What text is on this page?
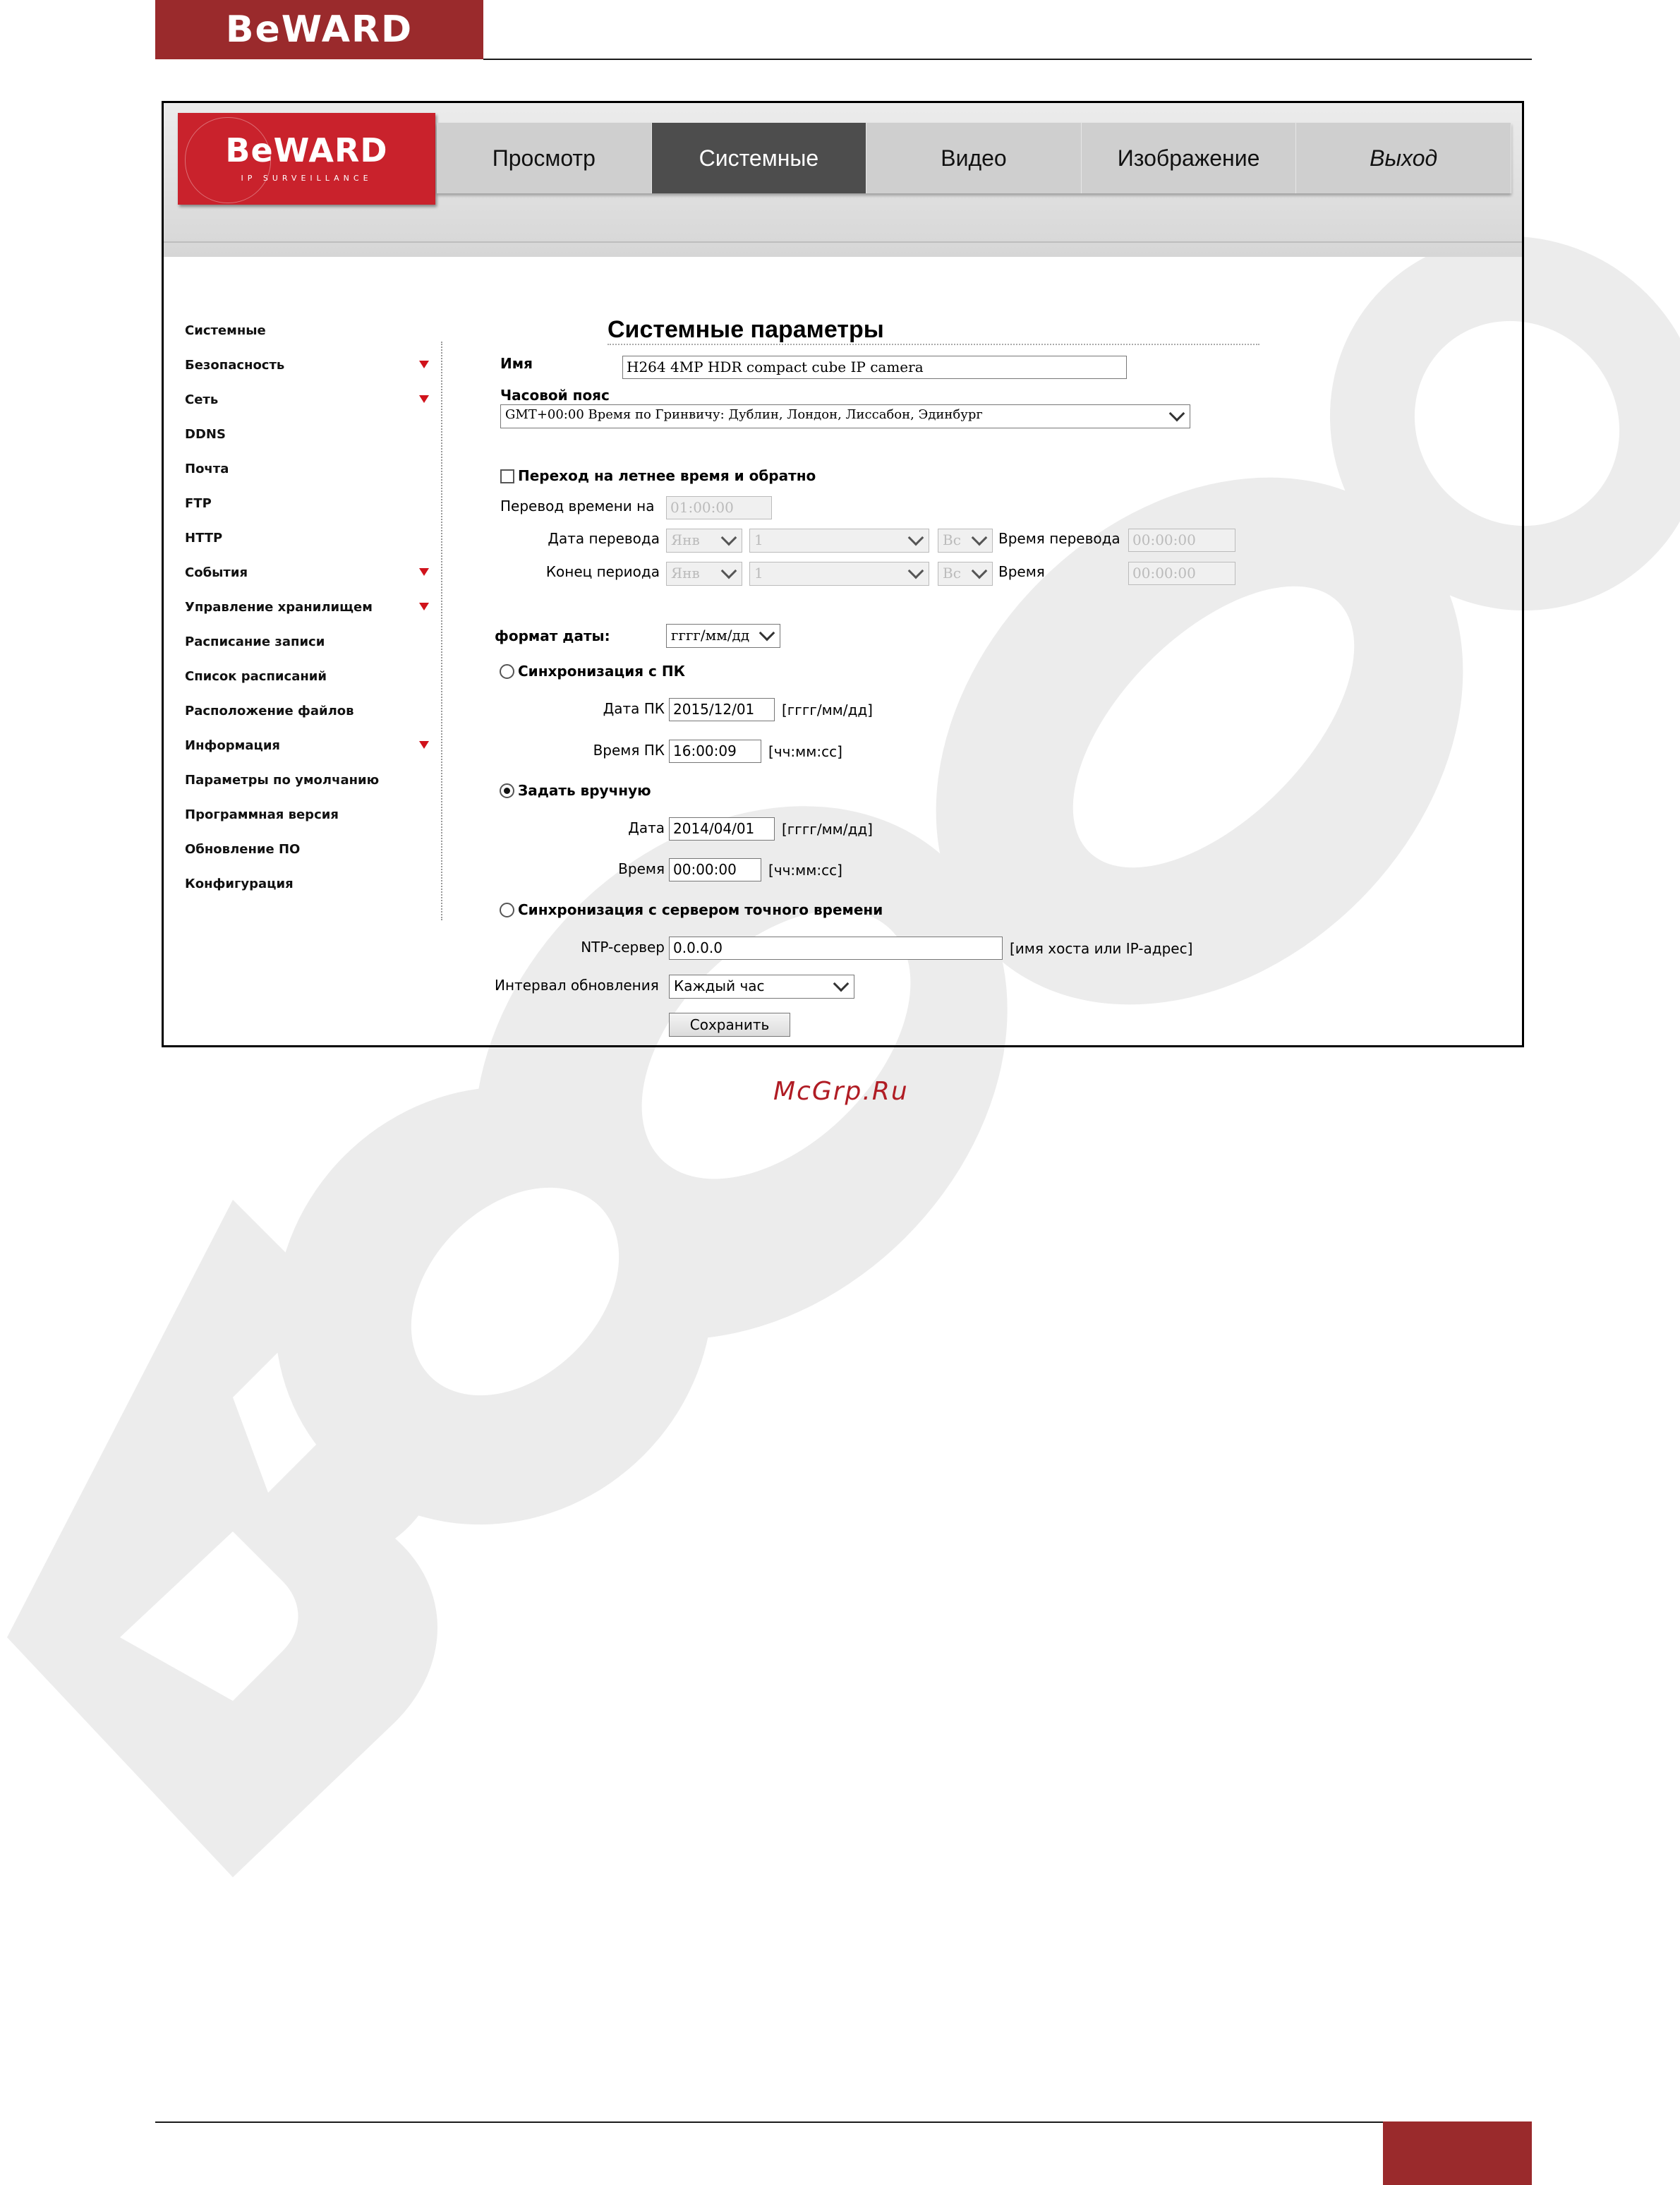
BeWARD
BeWARD
IP SURVEILLANCE
Просмотр	Системные	Видео	Изображение	Выход
Системные
Безопасность
Сеть
DDNS
Почта
FTP
HTTP
События
Управление хранилищем
Расписание записи
Список расписаний
Расположение файлов
Информация
Параметры по умолчанию
Программная версия
Обновление ПО
Конфигурация
Системные параметры
Имя	H264 4MP HDR compact cube IP camera
Часовой пояс
GMT+00:00 Время по Гринвичу: Дублин, Лондон, Лиссабон, Эдинбург
Переход на летнее время и обратно
Перевод времени на	01:00:00
Дата перевода Янв	1	Вс	Время перевода 00:00:00
Конец периода Янв	1	Вс	Время	00:00:00
формат даты:	гггг/мм/дд
Синхронизация с ПК
Дата ПК 2015/12/01	[гггг/мм/дд]
Время ПК 16:00:09	[чч:мм:сс]
Задать вручную
Дата 2014/04/01	[гггг/мм/дд]
Время 00:00:00	[чч:мм:сс]
Синхронизация с сервером точного времени
NTP-сервер 0.0.0.0	[имя хоста или IP-адрес]
Интервал обновления	Каждый час
Сохранить
McGrp.Ru
